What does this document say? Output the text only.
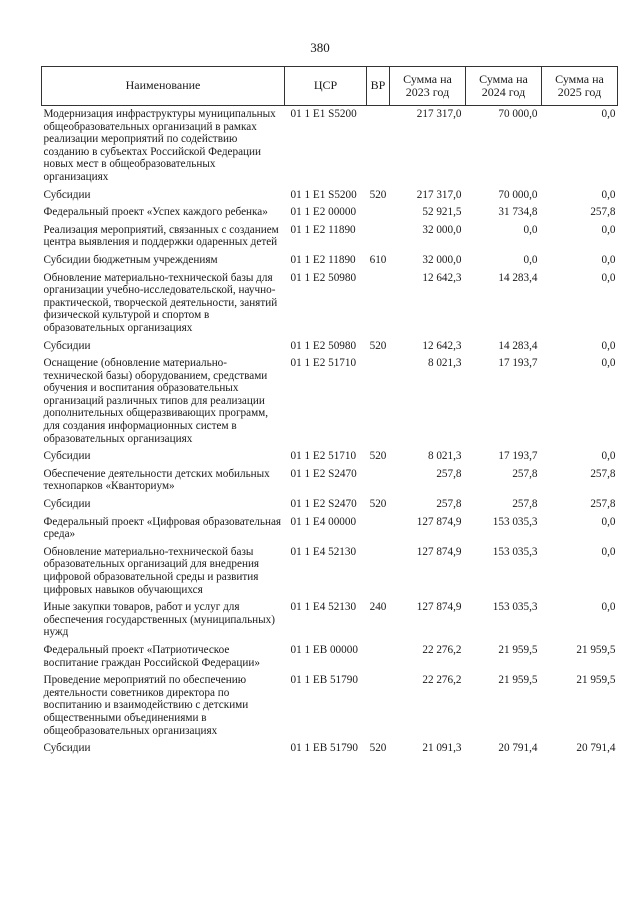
380
Наименование	ЦСР	ВР	Сумма на 2023 год	Сумма на 2024 год	Сумма на 2025 год
Модернизация инфраструктуры муниципальных общеобразовательных организаций в рамках реализации мероприятий по содействию созданию в субъектах Российской Федерации новых мест в общеобразовательных организациях	01 1 E1 S5200		217 317,0	70 000,0	0,0
Субсидии	01 1 E1 S5200	520	217 317,0	70 000,0	0,0
Федеральный проект «Успех каждого ребенка»	01 1 E2 00000		52 921,5	31 734,8	257,8
Реализация мероприятий, связанных с созданием центра выявления и поддержки одаренных детей	01 1 E2 11890		32 000,0	0,0	0,0
Субсидии бюджетным учреждениям	01 1 E2 11890	610	32 000,0	0,0	0,0
Обновление материально-технической базы для организации учебно-исследовательской, научно-практической, творческой деятельности, занятий физической культурой и спортом в образовательных организациях	01 1 E2 50980		12 642,3	14 283,4	0,0
Субсидии	01 1 E2 50980	520	12 642,3	14 283,4	0,0
Оснащение (обновление материально-технической базы) оборудованием, средствами обучения и воспитания образовательных организаций различных типов для реализации дополнительных общеразвивающих программ, для создания информационных систем в образовательных организациях	01 1 E2 51710		8 021,3	17 193,7	0,0
Субсидии	01 1 E2 51710	520	8 021,3	17 193,7	0,0
Обеспечение деятельности детских мобильных технопарков «Кванториум»	01 1 E2 S2470		257,8	257,8	257,8
Субсидии	01 1 E2 S2470	520	257,8	257,8	257,8
Федеральный проект «Цифровая образовательная среда»	01 1 E4 00000		127 874,9	153 035,3	0,0
Обновление материально-технической базы образовательных организаций для внедрения цифровой образовательной среды и развития цифровых навыков обучающихся	01 1 E4 52130		127 874,9	153 035,3	0,0
Иные закупки товаров, работ и услуг для обеспечения государственных (муниципальных) нужд	01 1 E4 52130	240	127 874,9	153 035,3	0,0
Федеральный проект «Патриотическое воспитание граждан Российской Федерации»	01 1 EB 00000		22 276,2	21 959,5	21 959,5
Проведение мероприятий по обеспечению деятельности советников директора по воспитанию и взаимодействию с детскими общественными объединениями в общеобразовательных организациях	01 1 EB 51790		22 276,2	21 959,5	21 959,5
Субсидии	01 1 EB 51790	520	21 091,3	20 791,4	20 791,4
